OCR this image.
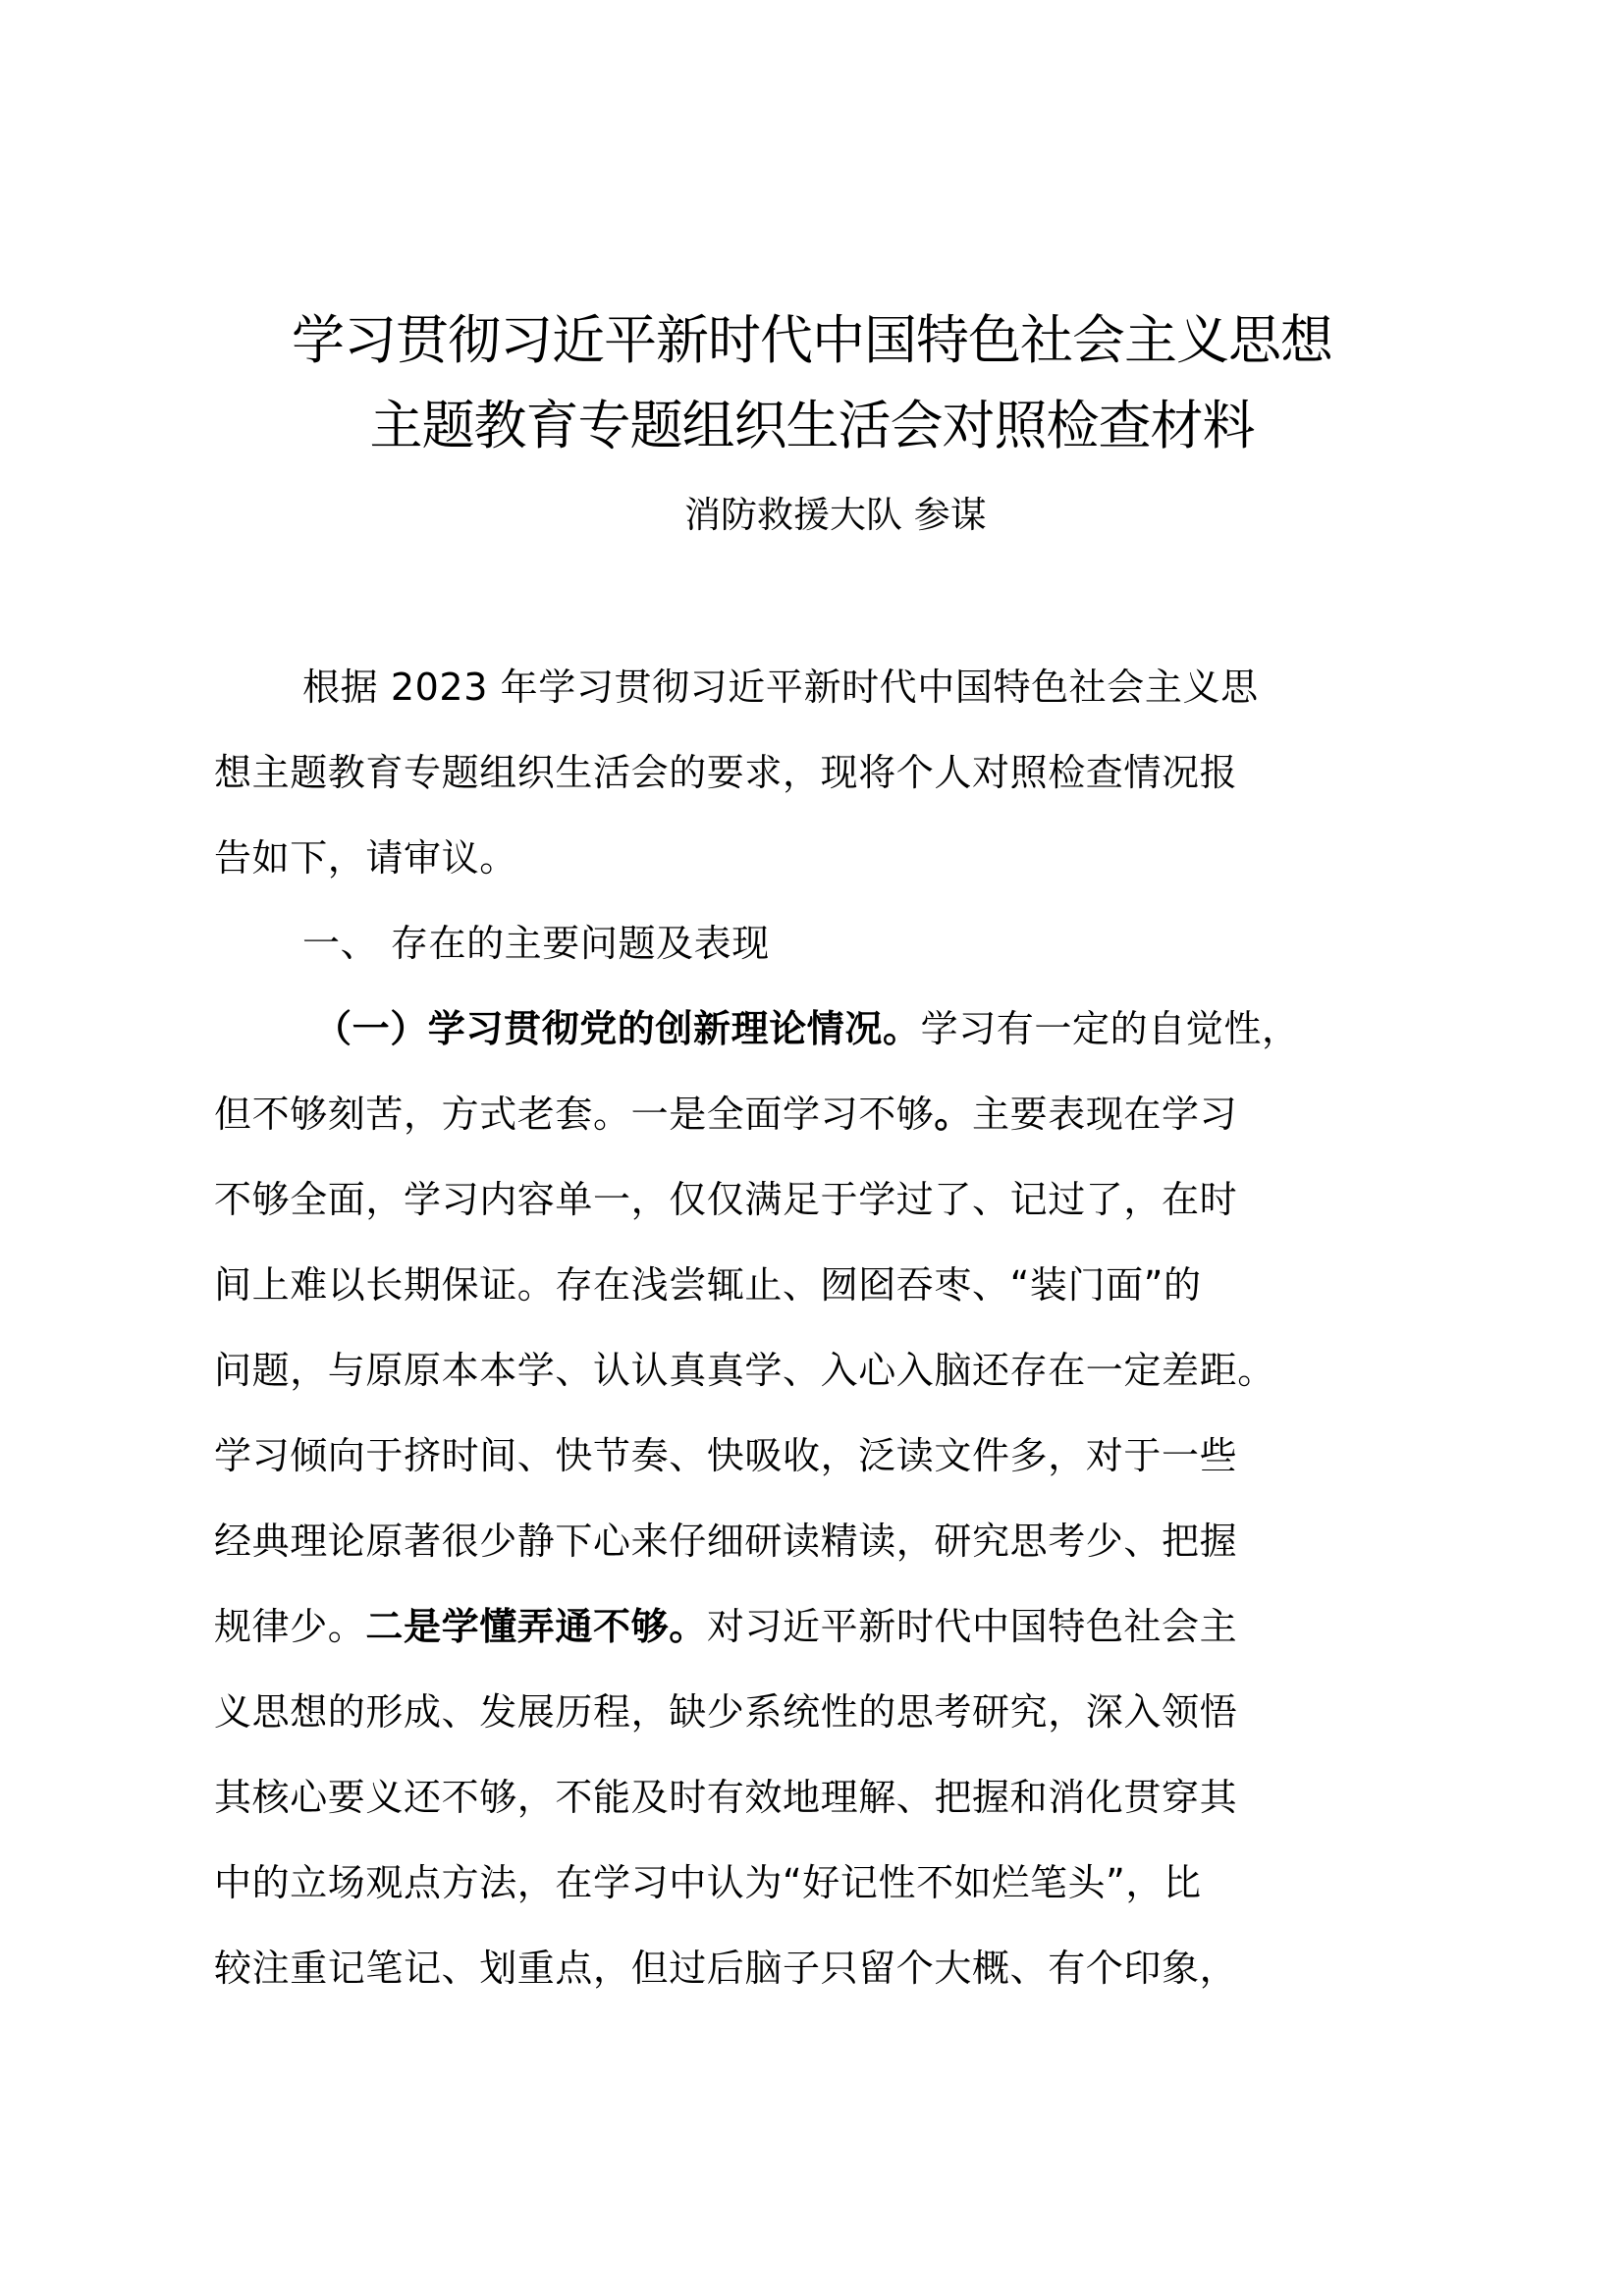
学习贯彻习近平新时代中国特色社会主义思想
主题教育专题组织生活会对照检查材料
消防救援大队 参谋
根据 2023 年学习贯彻习近平新时代中国特色社会主义思
想主题教育专题组织生活会的要求，现将个人对照检查情况报
告如下，请审议。
一、 存在的主要问题及表现
（一）学习贯彻党的创新理论情况。学习有一定的自觉性，
但不够刻苦，方式老套。一是全面学习不够。主要表现在学习
不够全面，学习内容单一，仅仅满足于学过了、记过了，在时
间上难以长期保证。存在浅尝辄止、囫囵吞枣、“装门面”的
问题，与原原本本学、认认真真学、入心入脑还存在一定差距。
学习倾向于挤时间、快节奏、快吸收，泛读文件多，对于一些
经典理论原著很少静下心来仔细研读精读，研究思考少、把握
规律少。二是学懂弄通不够。对习近平新时代中国特色社会主
义思想的形成、发展历程，缺少系统性的思考研究，深入领悟
其核心要义还不够，不能及时有效地理解、把握和消化贯穿其
中的立场观点方法，在学习中认为“好记性不如烂笔头”，比
较注重记笔记、划重点，但过后脑子只留个大概、有个印象，
